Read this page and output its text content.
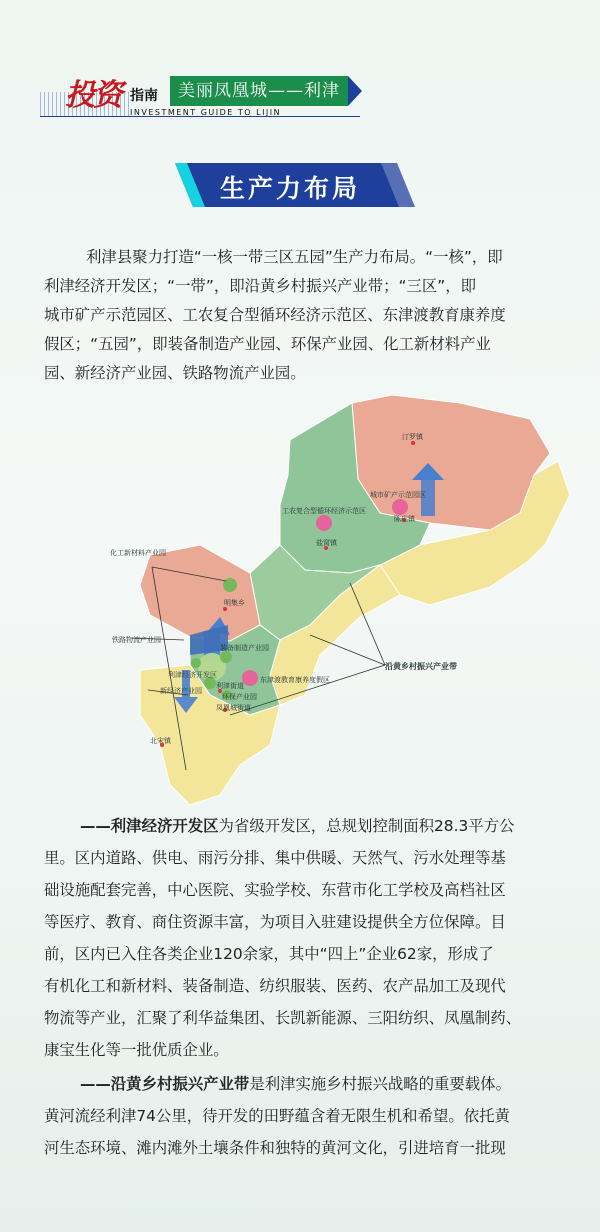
投资 指南	美丽凤凰城——利津
INVESTMENT GUIDE TO LIJIN
生产力布局
利津县聚力打造“一核一带三区五园”生产力布局。“一核”，即
利津经济开发区；“一带”，即沿黄乡村振兴产业带；“三区”，即
城市矿产示范园区、工农复合型循环经济示范区、东津渡教育康养度
假区；“五园”，即装备制造产业园、环保产业园、化工新材料产业
园、新经济产业园、铁路物流产业园。
汀罗镇
城市矿产示范园区
陈庄镇
工农复合型循环经济示范区
盐窝镇
化工新材料产业园
明集乡
铁路物流产业园
装备制造产业园
利津经济开发区
东津渡教育康养度假区
新经济产业园
利津街道
环保产业园
凤凰城街道
北宋镇
沿黄乡村振兴产业带
——利津经济开发区为省级开发区，总规划控制面积28.3平方公
里。区内道路、供电、雨污分排、集中供暖、天然气、污水处理等基
础设施配套完善，中心医院、实验学校、东营市化工学校及高档社区
等医疗、教育、商住资源丰富，为项目入驻建设提供全方位保障。目
前，区内已入住各类企业120余家，其中“四上”企业62家，形成了
有机化工和新材料、装备制造、纺织服装、医药、农产品加工及现代
物流等产业，汇聚了利华益集团、长凯新能源、三阳纺织、凤凰制药、
康宝生化等一批优质企业。
——沿黄乡村振兴产业带是利津实施乡村振兴战略的重要载体。
黄河流经利津74公里，待开发的田野蕴含着无限生机和希望。依托黄
河生态环境、滩内滩外土壤条件和独特的黄河文化，引进培育一批现
